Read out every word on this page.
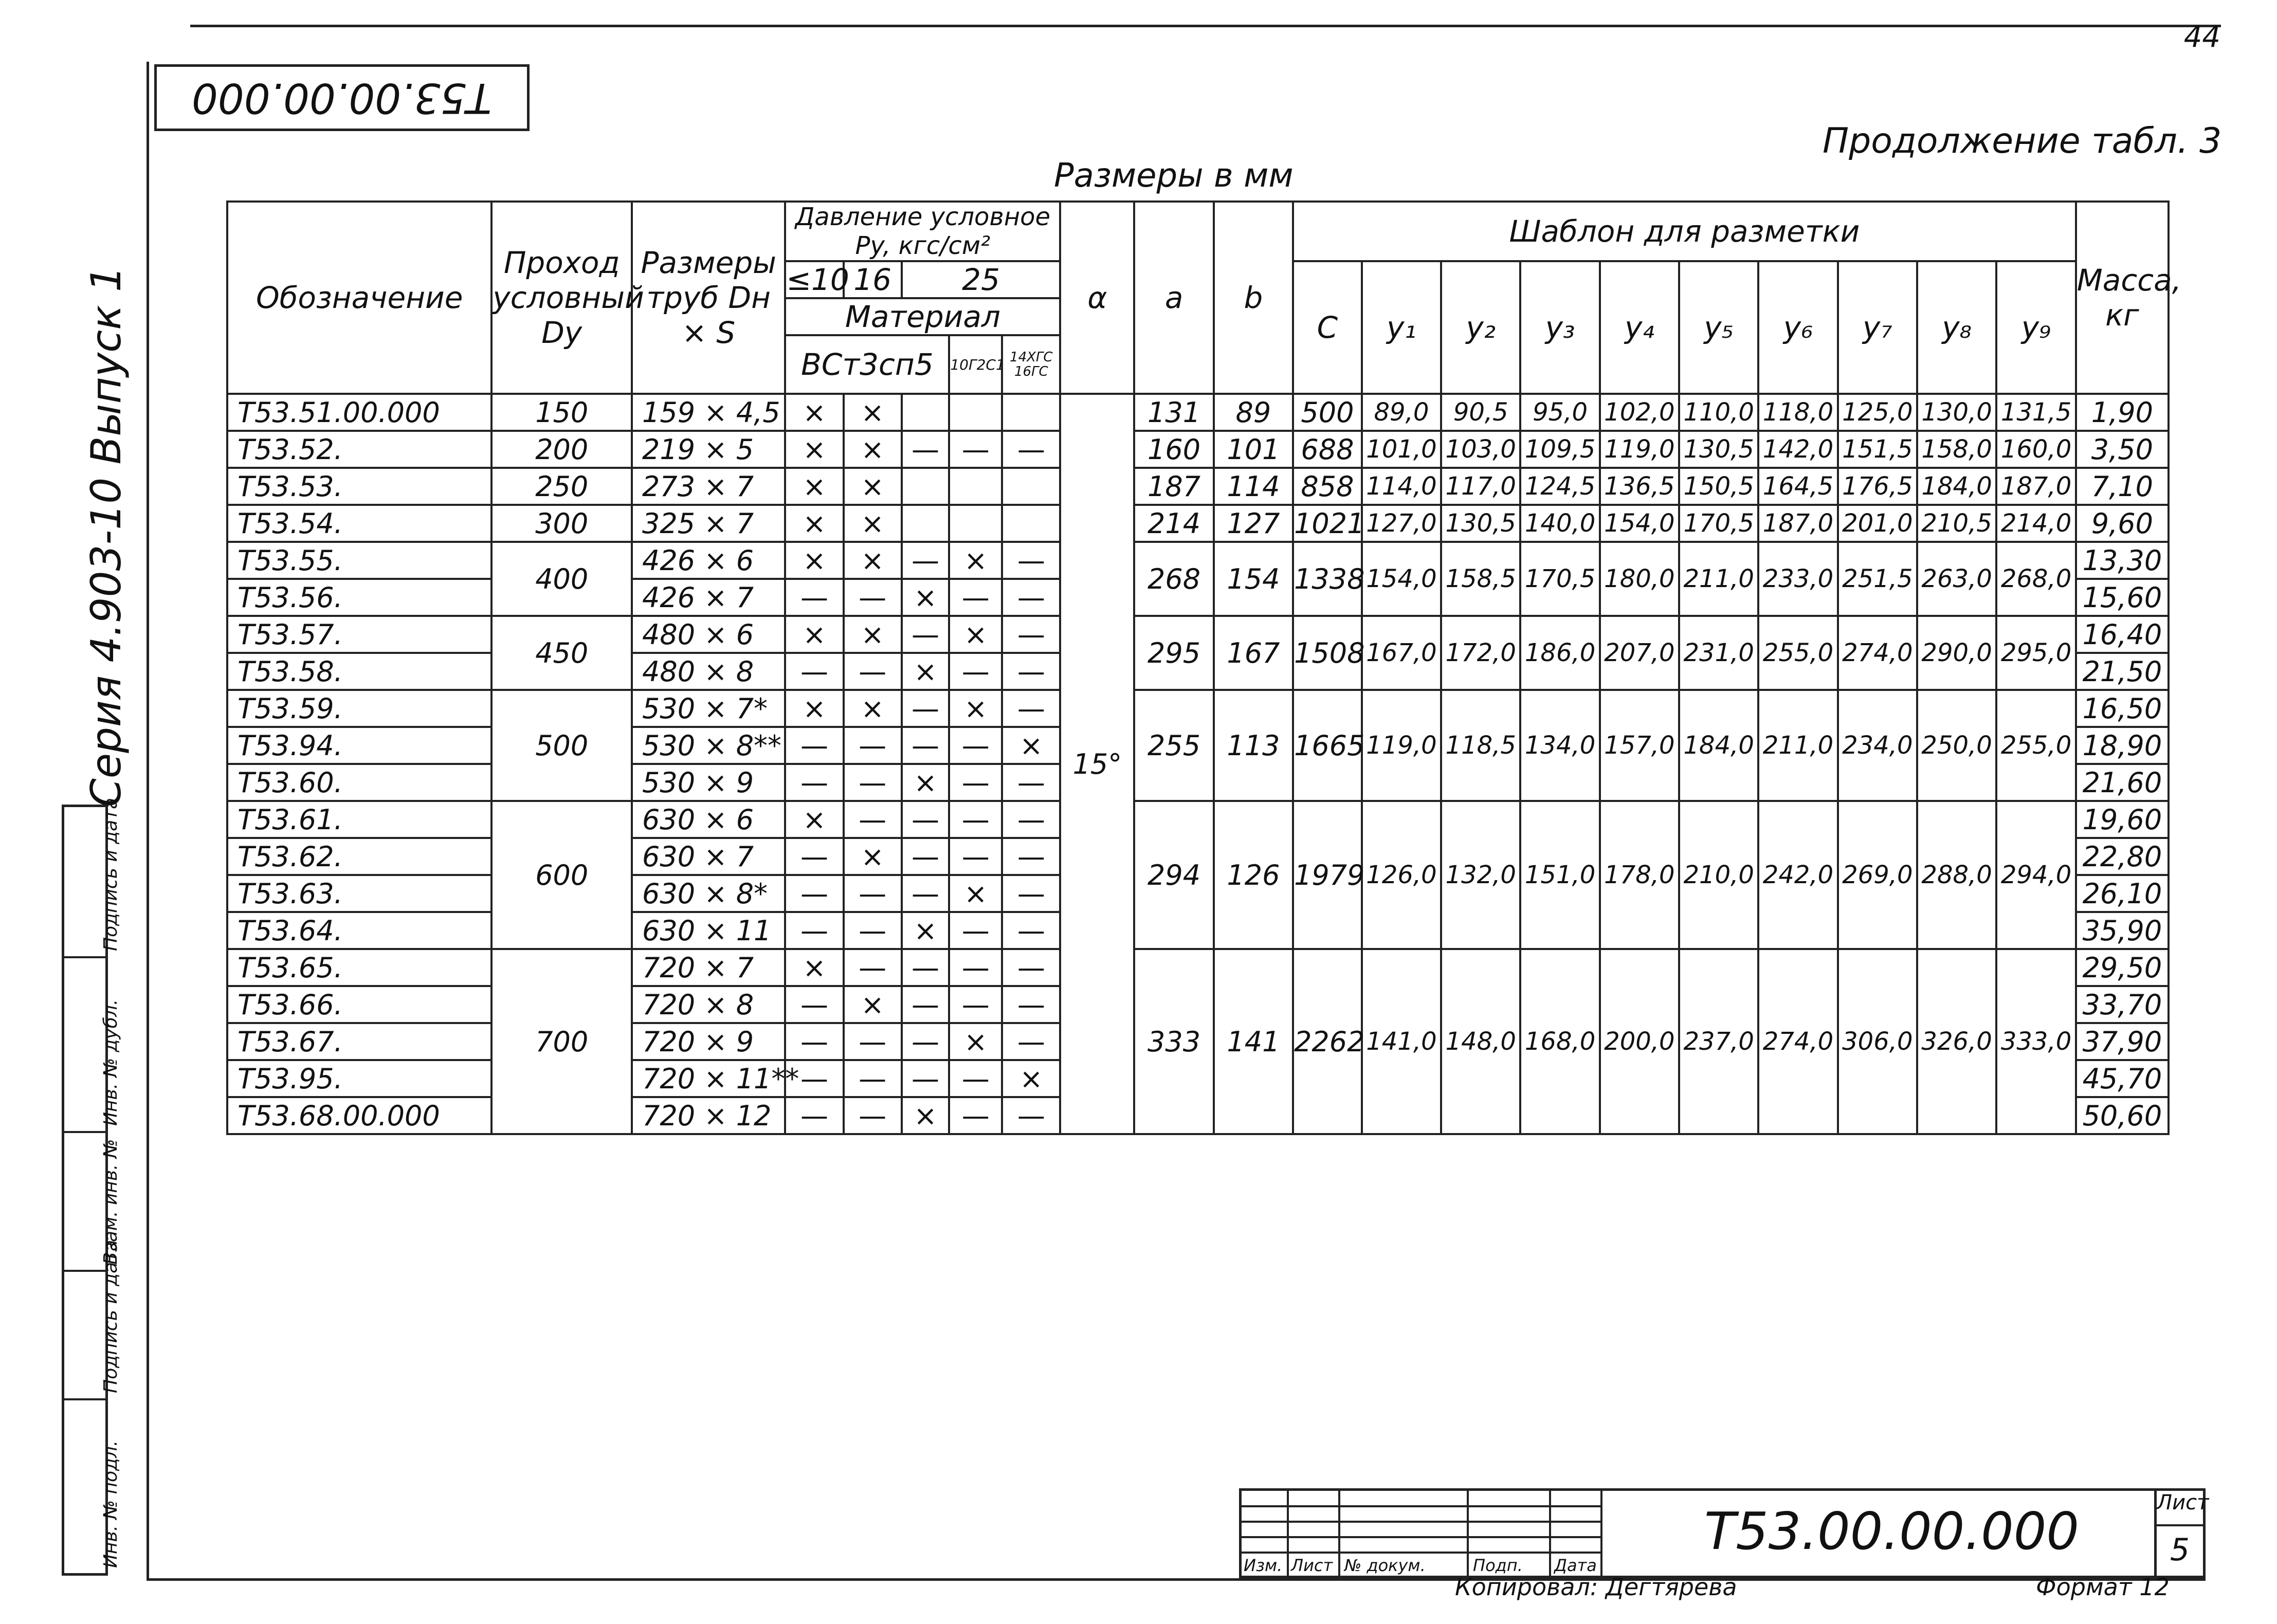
44
Т53.00.00.000
Продолжение табл. 3
Размеры в мм
Серия 4.903-10 Выпуск 1
Инв. № подл.
Подпись и дата
Взам. инв. №
Инв. № дубл.
Подпись и дата
Обозначение	Проход условный Dy	Размеры труб Dн × S	Давление условное Py, кгс/см²					α	a	b	Шаблон для разметки										Масса, кг
			≤10	16	25						C	y₁	y₂	y₃	y₄	y₅	y₆	y₇	y₈	y₉	
			Материал																		
			ВСт3сп5			10Г2С1	14ХГС 16ГС														
Т53.51.00.000	150	159 × 4,5	×	×				15°	131	89	500	89,0	90,5	95,0	102,0	110,0	118,0	125,0	130,0	131,5	1,90
Т53.52.	200	219 × 5	×	×	—	—	—		160	101	688	101,0	103,0	109,5	119,0	130,5	142,0	151,5	158,0	160,0	3,50
Т53.53.	250	273 × 7	×	×					187	114	858	114,0	117,0	124,5	136,5	150,5	164,5	176,5	184,0	187,0	7,10
Т53.54.	300	325 × 7	×	×					214	127	1021	127,0	130,5	140,0	154,0	170,5	187,0	201,0	210,5	214,0	9,60
Т53.55.	400	426 × 6	×	×	—	×	—		268	154	1338	154,0	158,5	170,5	180,0	211,0	233,0	251,5	263,0	268,0	13,30
Т53.56.		426 × 7	—	—	×	—	—														15,60
Т53.57.	450	480 × 6	×	×	—	×	—		295	167	1508	167,0	172,0	186,0	207,0	231,0	255,0	274,0	290,0	295,0	16,40
Т53.58.		480 × 8	—	—	×	—	—														21,50
Т53.59.	500	530 × 7*	×	×	—	×	—		255	113	1665	119,0	118,5	134,0	157,0	184,0	211,0	234,0	250,0	255,0	16,50
Т53.94.		530 × 8**	—	—	—	—	×														18,90
Т53.60.		530 × 9	—	—	×	—	—														21,60
Т53.61.	600	630 × 6	×	—	—	—	—		294	126	1979	126,0	132,0	151,0	178,0	210,0	242,0	269,0	288,0	294,0	19,60
Т53.62.		630 × 7	—	×	—	—	—														22,80
Т53.63.		630 × 8*	—	—	—	×	—														26,10
Т53.64.		630 × 11	—	—	×	—	—														35,90
Т53.65.	700	720 × 7	×	—	—	—	—		333	141	2262	141,0	148,0	168,0	200,0	237,0	274,0	306,0	326,0	333,0	29,50
Т53.66.		720 × 8	—	×	—	—	—														33,70
Т53.67.		720 × 9	—	—	—	×	—														37,90
Т53.95.		720 × 11**	—	—	—	—	×														45,70
Т53.68.00.000		720 × 12	—	—	×	—	—														50,60
Изм. Лист № докум.	Подп. Дата
Т53.00.00.000	Лист
5
Копировал: Дегтярева	Формат 12
